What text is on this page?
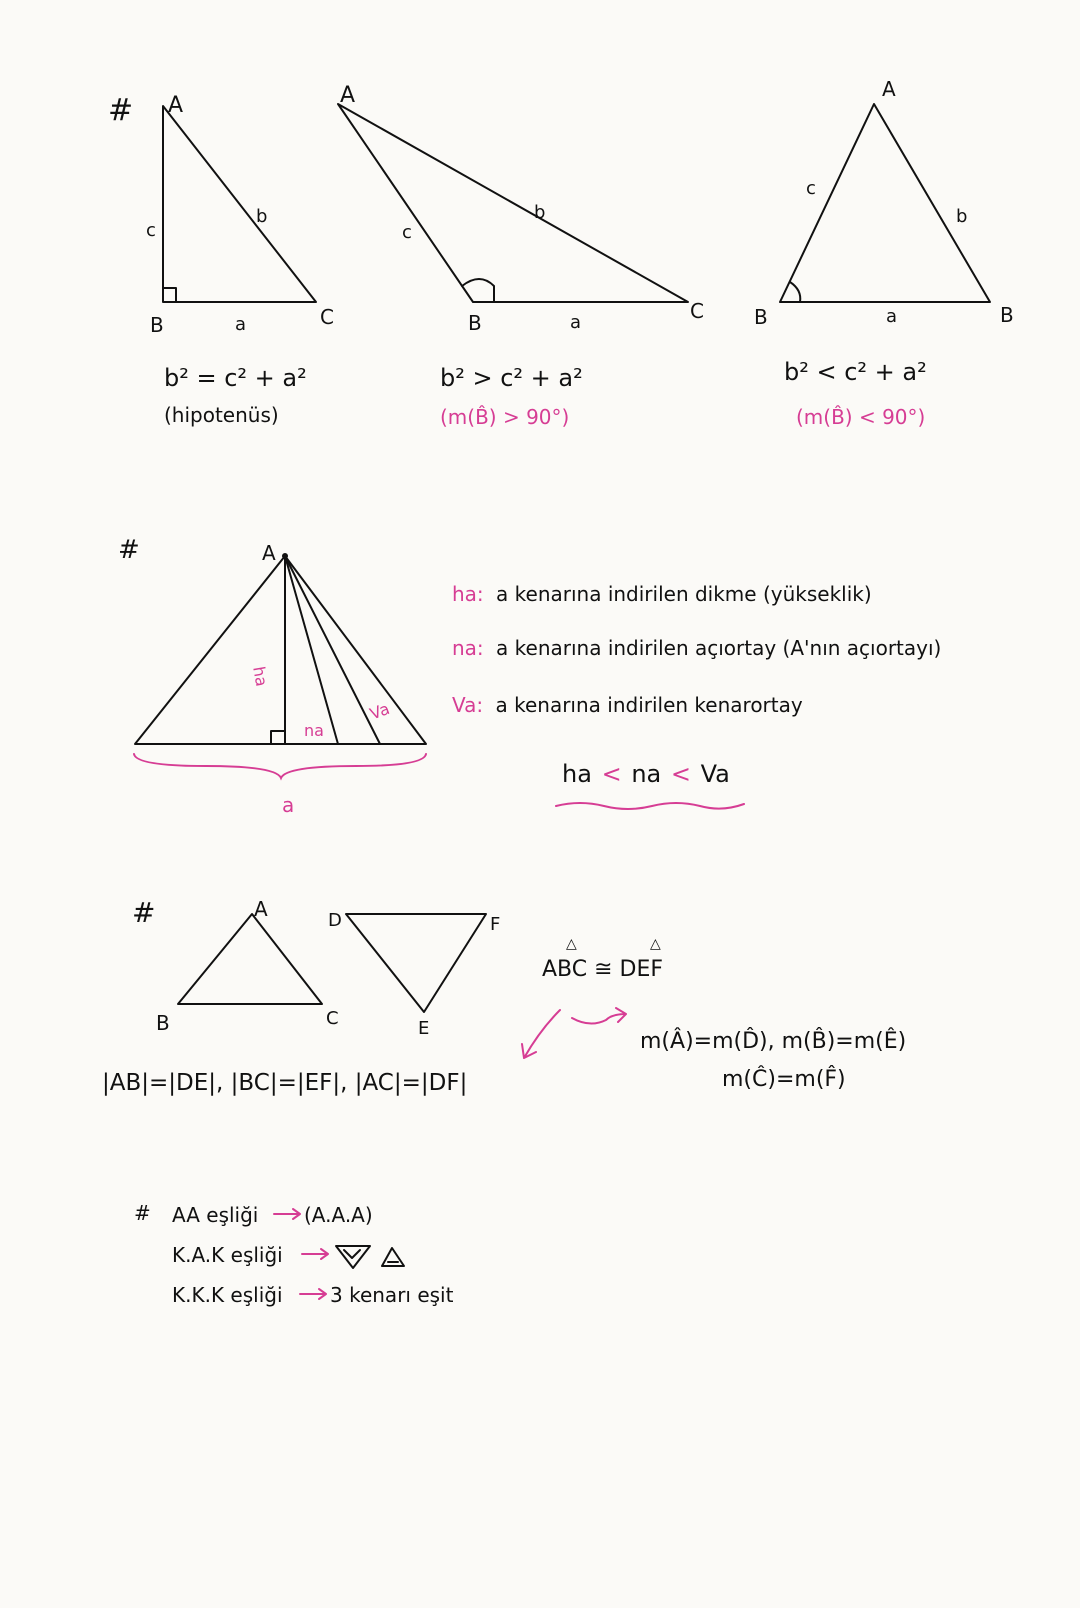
# A
B	C
c
b
a
b² = c² + a²
(hipotenüs)
A
B	C
c
b
a
b² > c² + a²
(m(B̂) > 90°)
A
B	B
c
b
a
b² < c² + a²
(m(B̂) < 90°)
#	A
ha
na
Va
a
ha: a kenarına indirilen dikme (yükseklik)
na: a kenarına indirilen açıortay (A'nın açıortayı)
Va: a kenarına indirilen kenarortay
ha < na < Va
#	A
B	C
D
E
F
△	△
ABC ≅ DEF
m(Â)=m(D̂), m(B̂)=m(Ê)
m(Ĉ)=m(F̂)
|AB|=|DE|, |BC|=|EF|, |AC|=|DF|
# AA eşliği (A.A.A)
K.A.K eşliği
K.K.K eşliği 3 kenarı eşit
